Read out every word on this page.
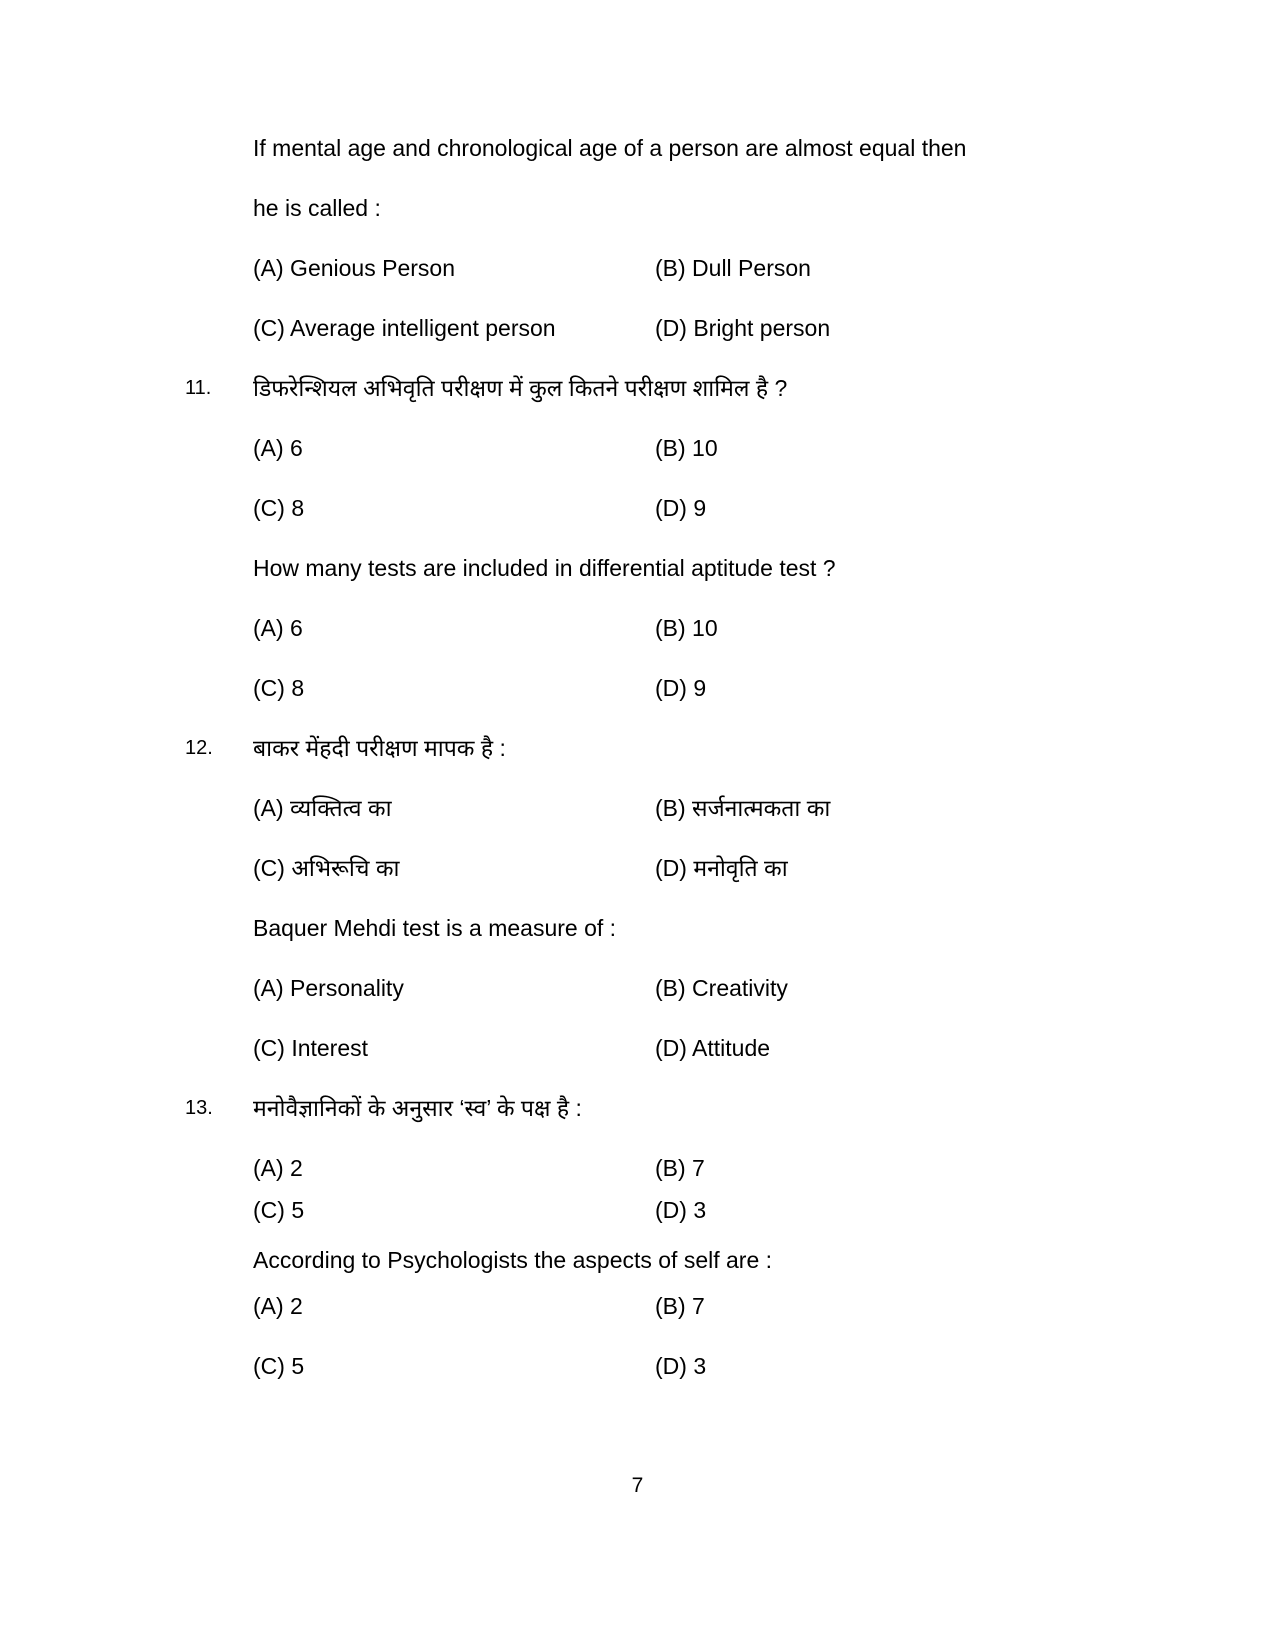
If mental age and chronological age of a person are almost equal then
he is called :
(A) Genious Person	(B) Dull Person
(C) Average intelligent person	(D) Bright person
11. डिफरेन्शियल अभिवृति परीक्षण में कुल कितने परीक्षण शामिल है ?
(A) 6	(B) 10
(C) 8	(D) 9
How many tests are included in differential aptitude test ?
(A) 6	(B) 10
(C) 8	(D) 9
12. बाकर मेंहदी परीक्षण मापक है :
(A) व्यक्तित्व का	(B) सर्जनात्मकता का
(C) अभिरूचि का	(D) मनोवृति का
Baquer Mehdi test is a measure of :
(A) Personality	(B) Creativity
(C) Interest	(D) Attitude
13. मनोवैज्ञानिकों के अनुसार ‘स्व’ के पक्ष है :
(A) 2	(B) 7
(C) 5	(D) 3
According to Psychologists the aspects of self are :
(A) 2	(B) 7
(C) 5	(D) 3
7
